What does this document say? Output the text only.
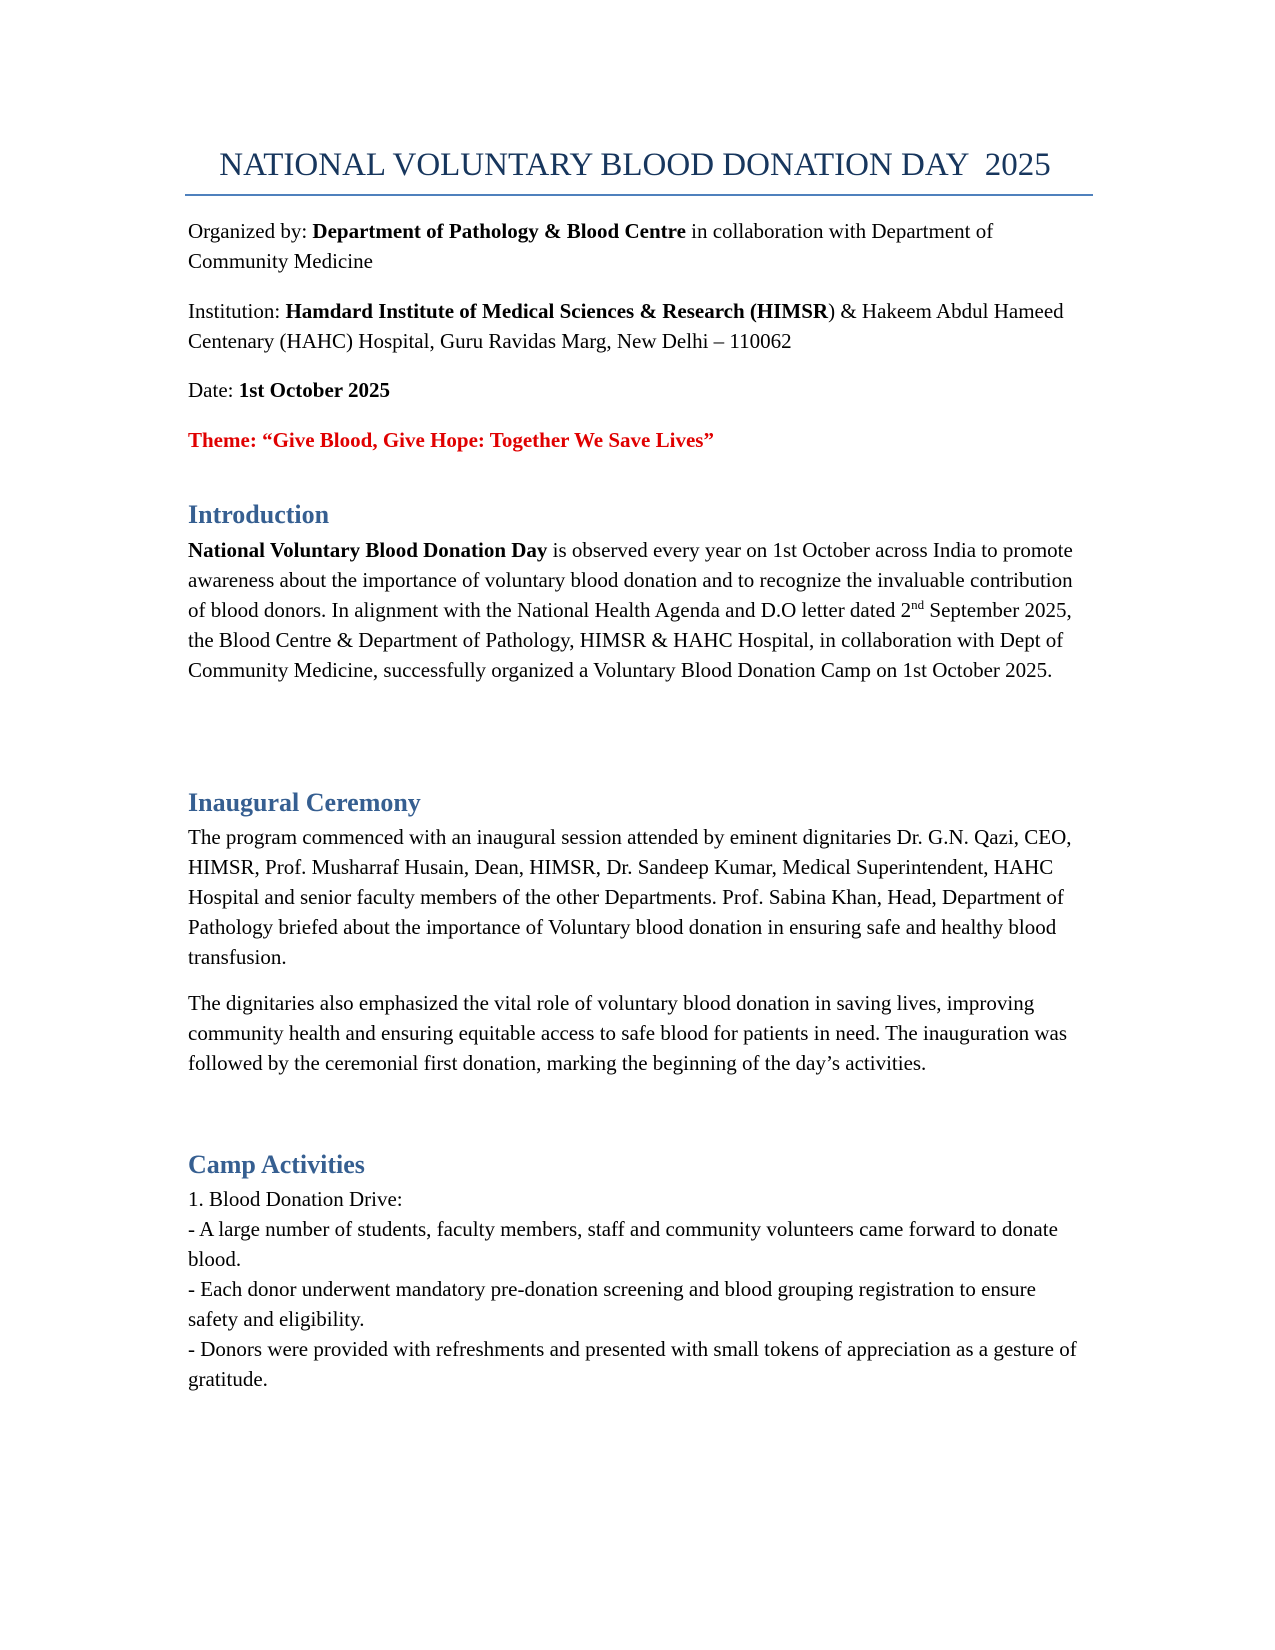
NATIONAL VOLUNTARY BLOOD DONATION DAY  2025
Organized by: Department of Pathology & Blood Centre in collaboration with Department of Community Medicine
Institution: Hamdard Institute of Medical Sciences & Research (HIMSR) & Hakeem Abdul Hameed Centenary (HAHC) Hospital, Guru Ravidas Marg, New Delhi – 110062
Date: 1st October 2025
Theme: “Give Blood, Give Hope: Together We Save Lives”
Introduction
National Voluntary Blood Donation Day is observed every year on 1st October across India to promote awareness about the importance of voluntary blood donation and to recognize the invaluable contribution of blood donors. In alignment with the National Health Agenda and D.O letter dated 2nd September 2025, the Blood Centre & Department of Pathology, HIMSR & HAHC Hospital, in collaboration with Dept of Community Medicine, successfully organized a Voluntary Blood Donation Camp on 1st October 2025.
Inaugural Ceremony
The program commenced with an inaugural session attended by eminent dignitaries Dr. G.N. Qazi, CEO, HIMSR, Prof. Musharraf Husain, Dean, HIMSR, Dr. Sandeep Kumar, Medical Superintendent, HAHC Hospital and senior faculty members of the other Departments. Prof. Sabina Khan, Head, Department of Pathology briefed about the importance of Voluntary blood donation in ensuring safe and healthy blood transfusion.
The dignitaries also emphasized the vital role of voluntary blood donation in saving lives, improving community health and ensuring equitable access to safe blood for patients in need. The inauguration was followed by the ceremonial first donation, marking the beginning of the day’s activities.
Camp Activities
1. Blood Donation Drive:
- A large number of students, faculty members, staff and community volunteers came forward to donate blood.
- Each donor underwent mandatory pre-donation screening and blood grouping registration to ensure safety and eligibility.
- Donors were provided with refreshments and presented with small tokens of appreciation as a gesture of gratitude.
